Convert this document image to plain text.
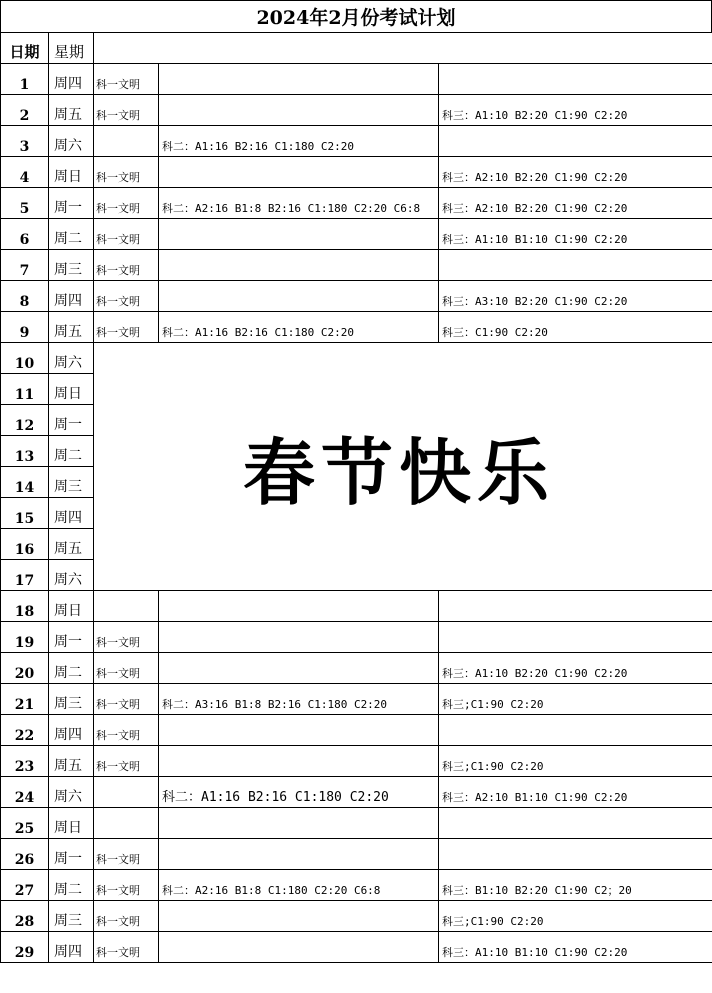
2024年2月份考试计划
日期	星期			
1	周四	科一文明		
2	周五	科一文明		科三：A1:10 B2:20 C1:90 C2:20
3	周六		科二：A1:16 B2:16 C1:180 C2:20	
4	周日	科一文明		科三：A2:10 B2:20 C1:90 C2:20
5	周一	科一文明	科二：A2:16 B1:8 B2:16 C1:180 C2:20 C6:8	科三：A2:10 B2:20 C1:90 C2:20
6	周二	科一文明		科三：A1:10 B1:10 C1:90 C2:20
7	周三	科一文明		
8	周四	科一文明		科三：A3:10 B2:20 C1:90 C2:20
9	周五	科一文明	科二：A1:16 B2:16 C1:180 C2:20	科三：C1:90 C2:20
10	周六	春节快乐		
11	周日			
12	周一			
13	周二			
14	周三			
15	周四			
16	周五			
17	周六			
18	周日			
19	周一	科一文明		
20	周二	科一文明		科三：A1:10 B2:20 C1:90 C2:20
21	周三	科一文明	科二：A3:16 B1:8 B2:16 C1:180 C2:20	科三;C1:90 C2:20
22	周四	科一文明		
23	周五	科一文明		科三;C1:90 C2:20
24	周六		科二：A1:16 B2:16 C1:180 C2:20	科三：A2:10 B1:10 C1:90 C2:20
25	周日			
26	周一	科一文明		
27	周二	科一文明	科二：A2:16 B1:8 C1:180 C2:20 C6:8	科三：B1:10 B2:20 C1:90 C2；20
28	周三	科一文明		科三;C1:90 C2:20
29	周四	科一文明		科三：A1:10 B1:10 C1:90 C2:20
